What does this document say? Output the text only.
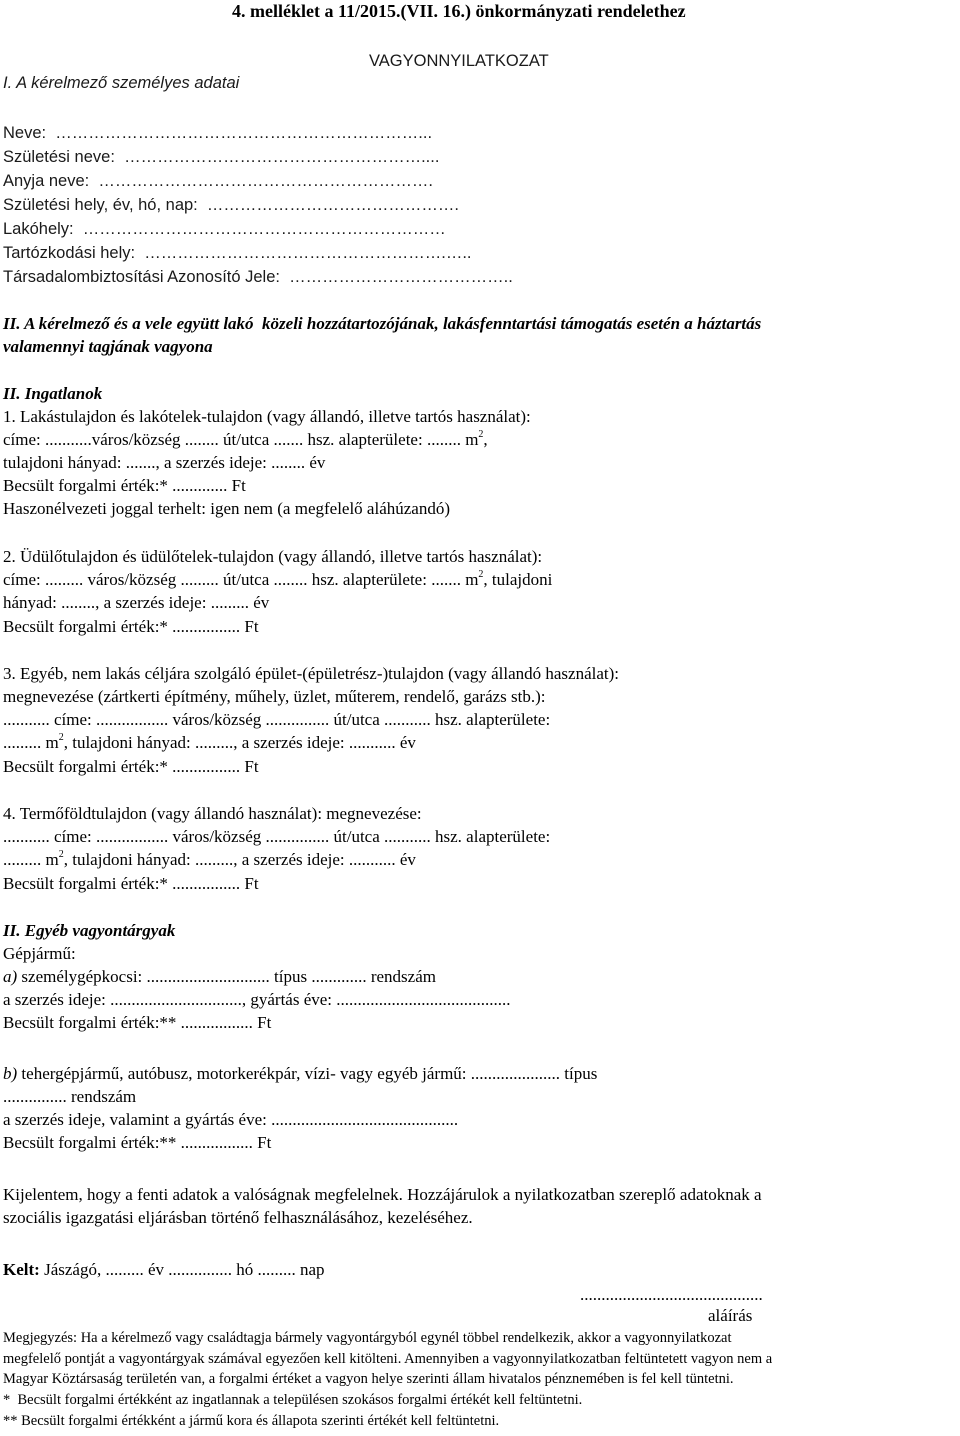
4. melléklet a 11/2015.(VII. 16.) önkormányzati rendelethez
VAGYONNYILATKOZAT
I. A kérelmező személyes adatai
Neve:  …………………………………………………………...
Születési neve:  ………………………………………………....
Anyja neve:  …………………………………………………….
Születési hely, év, hó, nap:  ……………………………………….
Lakóhely:  …………………………………………………………
Tartózkodási hely:  ……………………………………………….…..
Társadalombiztosítási Azonosító Jele:  …………………………………..
II. A kérelmező és a vele együtt lakó  közeli hozzátartozójának, lakásfenntartási támogatás esetén a háztartás
valamennyi tagjának vagyona
II. Ingatlanok
1. Lakástulajdon és lakótelek-tulajdon (vagy állandó, illetve tartós használat):
címe: ...........város/község ........ út/utca ....... hsz. alapterülete: ........ $m^2$,
tulajdoni hányad: ......., a szerzés ideje: ........ év
Becsült forgalmi érték:* ............. Ft
Haszonélvezeti joggal terhelt: igen nem (a megfelelő aláhúzandó)
2. Üdülőtulajdon és üdülőtelek-tulajdon (vagy állandó, illetve tartós használat):
címe: ......... város/község ......... út/utca ........ hsz. alapterülete: ....... $m^2$, tulajdoni
hányad: ........, a szerzés ideje: ......... év
Becsült forgalmi érték:* ................ Ft
3. Egyéb, nem lakás céljára szolgáló épület-(épületrész-)tulajdon (vagy állandó használat):
megnevezése (zártkerti építmény, műhely, üzlet, műterem, rendelő, garázs stb.):
........... címe: ................. város/község ............... út/utca ........... hsz. alapterülete:
......... $m^2$, tulajdoni hányad: ........., a szerzés ideje: ........... év
Becsült forgalmi érték:* ................ Ft
4. Termőföldtulajdon (vagy állandó használat): megnevezése:
........... címe: ................. város/község ............... út/utca ........... hsz. alapterülete:
......... $m^2$, tulajdoni hányad: ........., a szerzés ideje: ........... év
Becsült forgalmi érték:* ................ Ft
II. Egyéb vagyontárgyak
Gépjármű:
a) személygépkocsi: ............................. típus ............. rendszám
a szerzés ideje: ..............................., gyártás éve: .........................................
Becsült forgalmi érték:** ................. Ft
b) tehergépjármű, autóbusz, motorkerékpár, vízi- vagy egyéb jármű: ..................... típus
............... rendszám
a szerzés ideje, valamint a gyártás éve: ............................................
Becsült forgalmi érték:** ................. Ft
Kijelentem, hogy a fenti adatok a valóságnak megfelelnek. Hozzájárulok a nyilatkozatban szereplő adatoknak a
szociális igazgatási eljárásban történő felhasználásához, kezeléséhez.
Kelt: Jászágó, ......... év ............... hó ......... nap
...........................................
aláírás
Megjegyzés: Ha a kérelmező vagy családtagja bármely vagyontárgyból egynél többel rendelkezik, akkor a vagyonnyilatkozat
megfelelő pontját a vagyontárgyak számával egyezően kell kitölteni. Amennyiben a vagyonnyilatkozatban feltüntetett vagyon nem a
Magyar Köztársaság területén van, a forgalmi értéket a vagyon helye szerinti állam hivatalos pénznemében is fel kell tüntetni.
*  Becsült forgalmi értékként az ingatlannak a településen szokásos forgalmi értékét kell feltüntetni.
** Becsült forgalmi értékként a jármű kora és állapota szerinti értékét kell feltüntetni.
